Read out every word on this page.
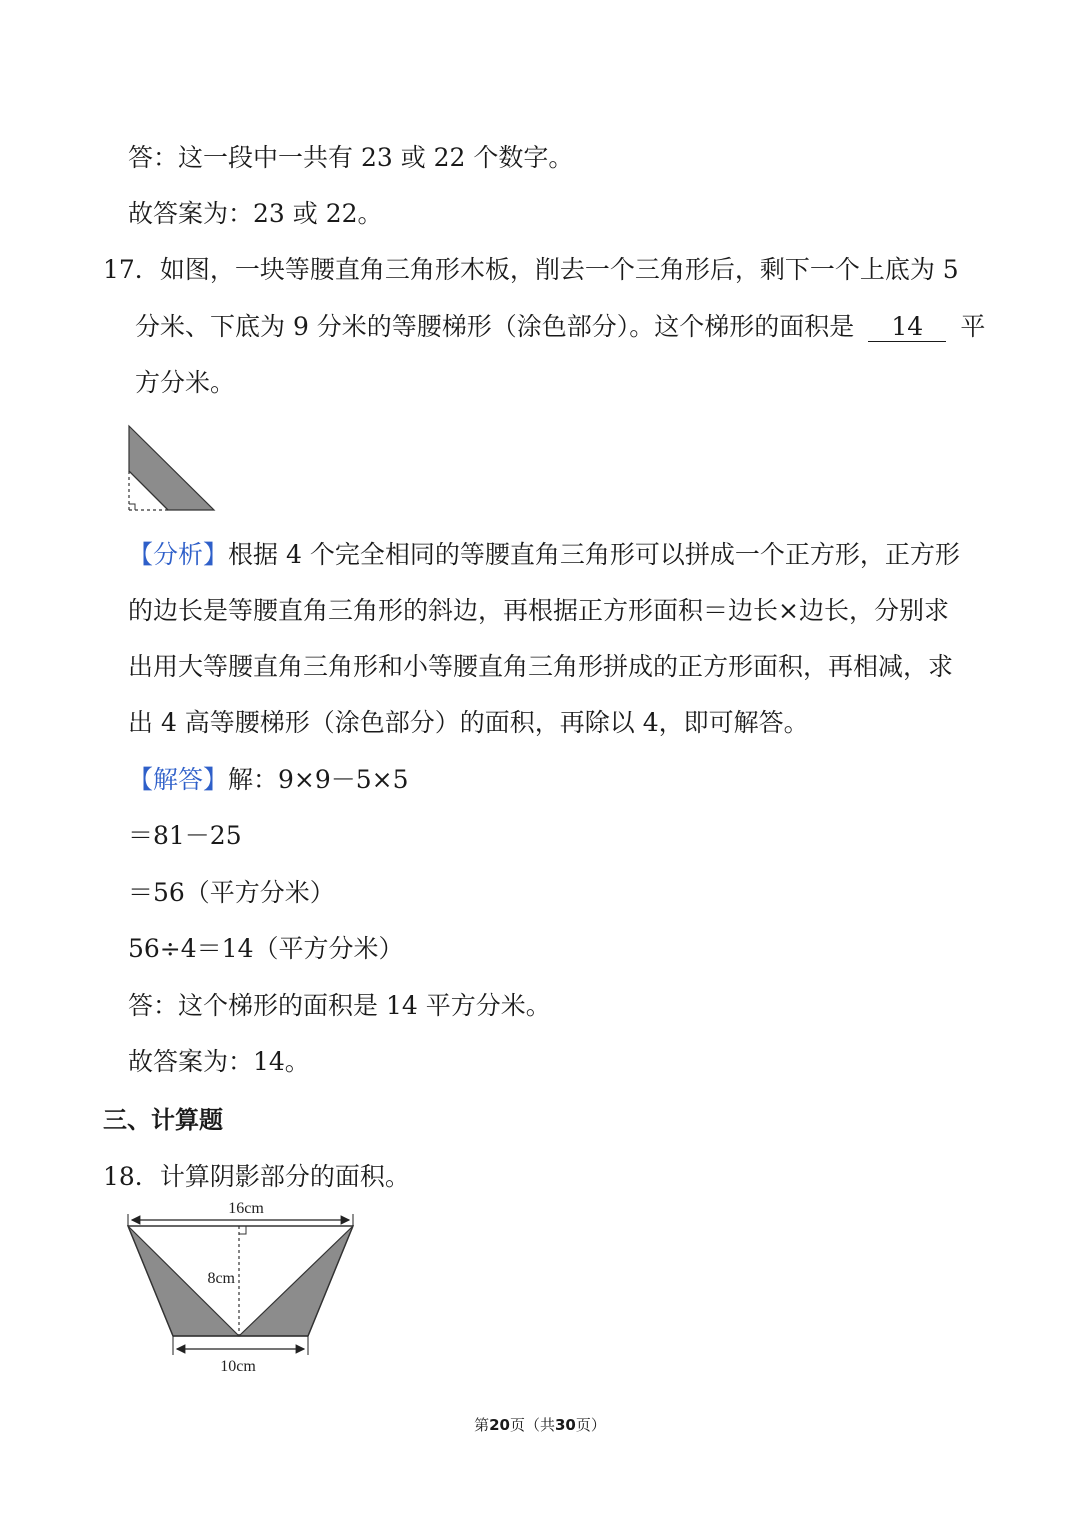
答：这一段中一共有 23 或 22 个数字。
故答案为：23 或 22。
17．如图，一块等腰直角三角形木板，削去一个三角形后，剩下一个上底为 5
分米、下底为 9 分米的等腰梯形（涂色部分）。这个梯形的面积是 14 平
方分米。
【分析】根据 4 个完全相同的等腰直角三角形可以拼成一个正方形，正方形
的边长是等腰直角三角形的斜边，再根据正方形面积＝边长×边长，分别求
出用大等腰直角三角形和小等腰直角三角形拼成的正方形面积，再相减，求
出 4 高等腰梯形（涂色部分）的面积，再除以 4，即可解答。
【解答】解：9×9－5×5
＝81－25
＝56（平方分米）
56÷4＝14（平方分米）
答：这个梯形的面积是 14 平方分米。
故答案为：14。
三、计算题
18．计算阴影部分的面积。
16cm
8cm
10cm
第20页（共30页）
